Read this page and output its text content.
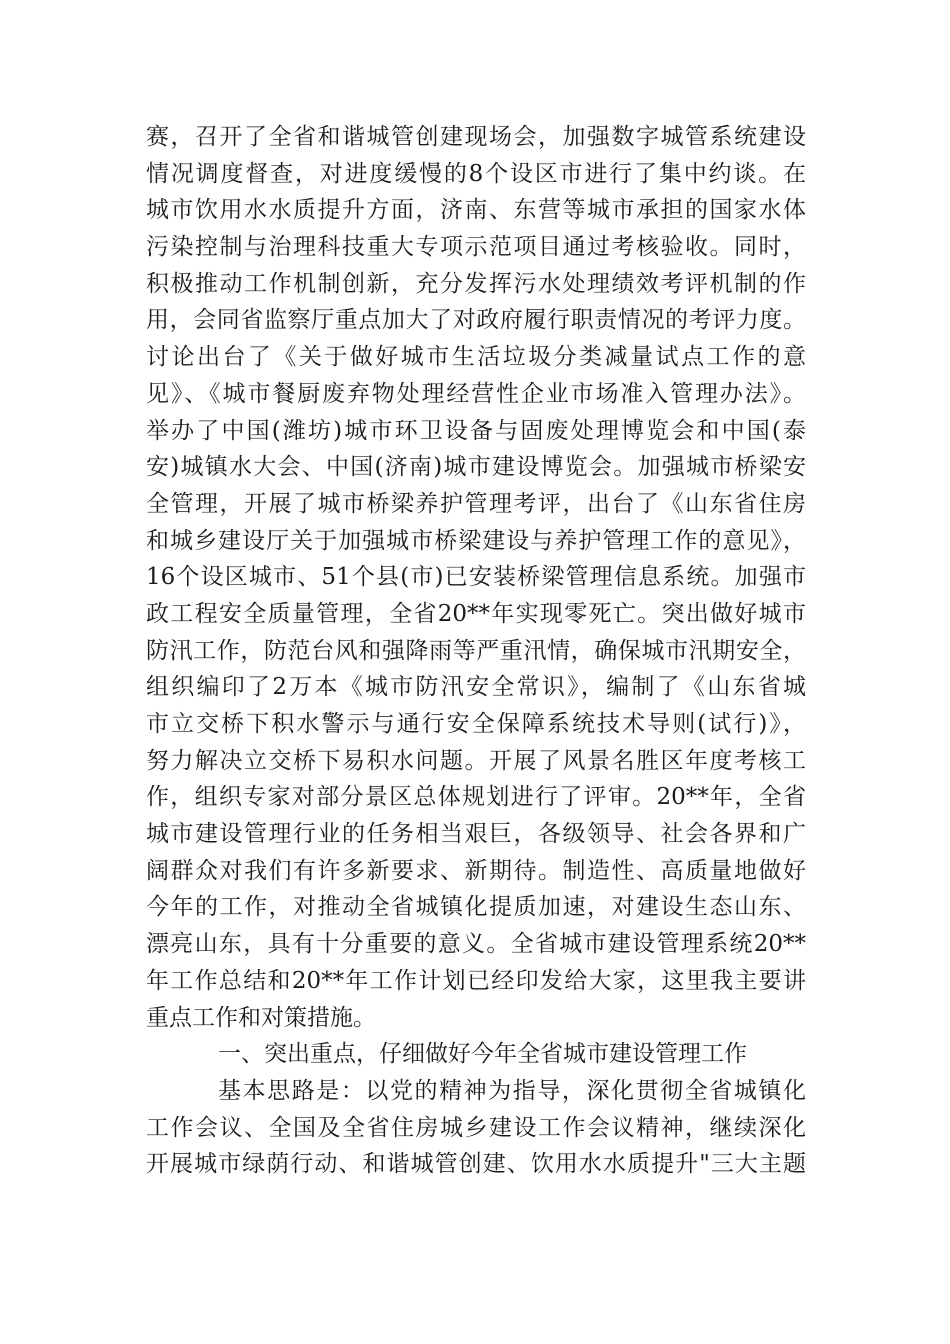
赛，召开了全省和谐城管创建现场会，加强数字城管系统建设
情况调度督查，对进度缓慢的8个设区市进行了集中约谈。在
城市饮用水水质提升方面，济南、东营等城市承担的国家水体
污染控制与治理科技重大专项示范项目通过考核验收。同时，
积极推动工作机制创新，充分发挥污水处理绩效考评机制的作
用，会同省监察厅重点加大了对政府履行职责情况的考评力度。
讨论出台了《关于做好城市生活垃圾分类减量试点工作的意
见》、《城市餐厨废弃物处理经营性企业市场准入管理办法》。
举办了中国(潍坊)城市环卫设备与固废处理博览会和中国(泰
安)城镇水大会、中国(济南)城市建设博览会。加强城市桥梁安
全管理，开展了城市桥梁养护管理考评，出台了《山东省住房
和城乡建设厅关于加强城市桥梁建设与养护管理工作的意见》，
16个设区城市、51个县(市)已安装桥梁管理信息系统。加强市
政工程安全质量管理，全省20**年实现零死亡。突出做好城市
防汛工作，防范台风和强降雨等严重汛情，确保城市汛期安全，
组织编印了2万本《城市防汛安全常识》，编制了《山东省城
市立交桥下积水警示与通行安全保障系统技术导则(试行)》，
努力解决立交桥下易积水问题。开展了风景名胜区年度考核工
作，组织专家对部分景区总体规划进行了评审。20**年，全省
城市建设管理行业的任务相当艰巨，各级领导、社会各界和广
阔群众对我们有许多新要求、新期待。制造性、高质量地做好
今年的工作，对推动全省城镇化提质加速，对建设生态山东、
漂亮山东，具有十分重要的意义。全省城市建设管理系统20**
年工作总结和20**年工作计划已经印发给大家，这里我主要讲
重点工作和对策措施。
一、突出重点，仔细做好今年全省城市建设管理工作
基本思路是：以党的精神为指导，深化贯彻全省城镇化
工作会议、全国及全省住房城乡建设工作会议精神，继续深化
开展城市绿荫行动、和谐城管创建、饮用水水质提升"三大主题
